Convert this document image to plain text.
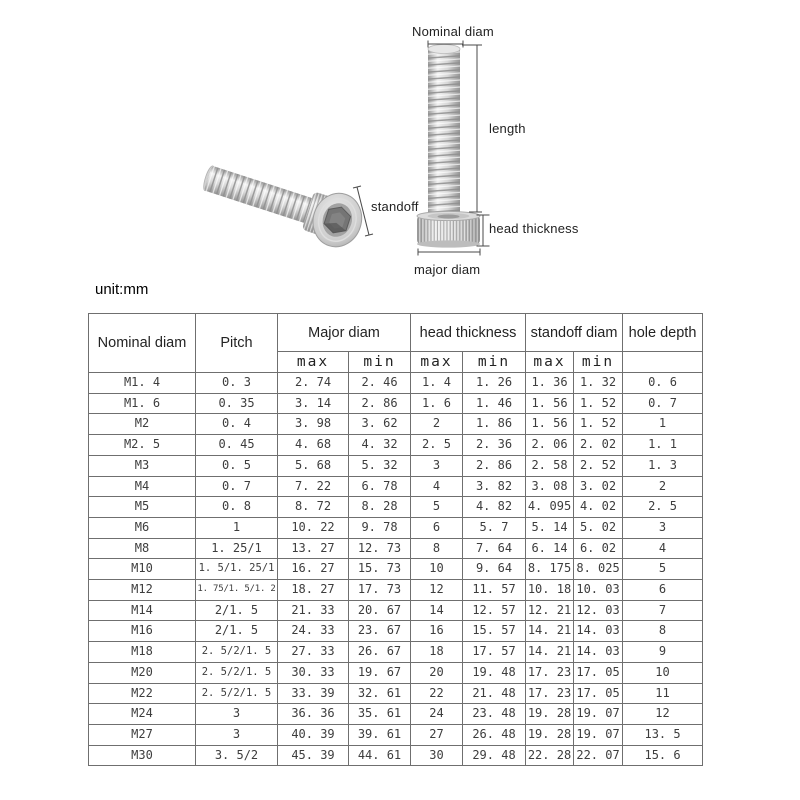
Nominal diam
length
standoff
head thickness
major diam
unit:mm
Nominal diam	Pitch	Major diam		head thickness		standoff diam		hole depth
		max	min	max	min	max	min	
M1. 4	0. 3	2. 74	2. 46	1. 4	1. 26	1. 36	1. 32	0. 6
M1. 6	0. 35	3. 14	2. 86	1. 6	1. 46	1. 56	1. 52	0. 7
M2	0. 4	3. 98	3. 62	2	1. 86	1. 56	1. 52	1
M2. 5	0. 45	4. 68	4. 32	2. 5	2. 36	2. 06	2. 02	1. 1
M3	0. 5	5. 68	5. 32	3	2. 86	2. 58	2. 52	1. 3
M4	0. 7	7. 22	6. 78	4	3. 82	3. 08	3. 02	2
M5	0. 8	8. 72	8. 28	5	4. 82	4. 095	4. 02	2. 5
M6	1	10. 22	9. 78	6	5. 7	5. 14	5. 02	3
M8	1. 25/1	13. 27	12. 73	8	7. 64	6. 14	6. 02	4
M10	1. 5/1. 25/1	16. 27	15. 73	10	9. 64	8. 175	8. 025	5
M12	1. 75/1. 5/1. 2	18. 27	17. 73	12	11. 57	10. 18	10. 03	6
M14	2/1. 5	21. 33	20. 67	14	12. 57	12. 21	12. 03	7
M16	2/1. 5	24. 33	23. 67	16	15. 57	14. 21	14. 03	8
M18	2. 5/2/1. 5	27. 33	26. 67	18	17. 57	14. 21	14. 03	9
M20	2. 5/2/1. 5	30. 33	19. 67	20	19. 48	17. 23	17. 05	10
M22	2. 5/2/1. 5	33. 39	32. 61	22	21. 48	17. 23	17. 05	11
M24	3	36. 36	35. 61	24	23. 48	19. 28	19. 07	12
M27	3	40. 39	39. 61	27	26. 48	19. 28	19. 07	13. 5
M30	3. 5/2	45. 39	44. 61	30	29. 48	22. 28	22. 07	15. 6
